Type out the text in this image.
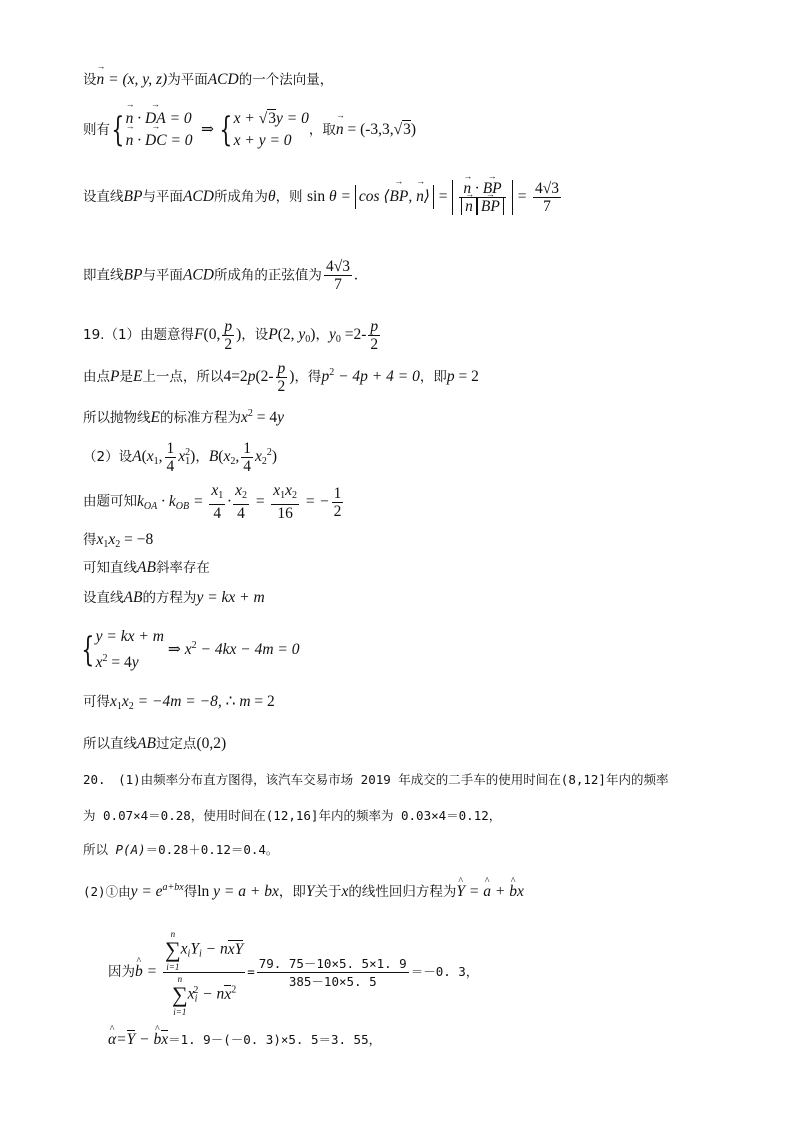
设→ n = (x, y, z)为平面ACD的一个法向量，
则有{ → n · → DA = 0
→ n · → DC = 0
⇒ { x + √3y = 0
x + y = 0
，取→ n = (-3,3,√3)
设直线BP与平面ACD所成角为θ，则 sin θ = cos ⟨→ BP, → n⟩ = → n · → BP
→ n → BP = $\frac{4√3}{7}$
即直线BP与平面ACD所成角的正弦值为 $\frac{4√3}{7}$ .
19.（1）由题意得F(0, $\frac{p}{2}$ )，设P(2, $y_0$)，$y_0 =2- \frac{p}{2}$
由点P是E上一点，所以$4=2p(2- \frac{p}{2}$ )，得$p^2 - 4p + 4 = 0$，即p = 2
所以抛物线E的标准方程为$x^2 = 4y$
（2）设$A(x_1$, $\frac{1}{4} x_1^2$)，$B(x_2$, $\frac{1}{4} x_2^2$)
由题可知kOA · kOB = $\frac{x_1}{4} \cdot \frac{x_2}{4} = \frac{x_1x_2}{16}$ = − $\frac{1}{2}$
得$x_1x_2 = -8$
可知直线AB斜率存在
设直线AB的方程为y = kx + m
{ y = kx + m
$x^2 = 4y$
⇒ $x^2 - 4kx - 4m = 0$
可得$x_1x_2 = -4m = -8$, ∴ m = 2
所以直线AB过定点(0,2)
20.　(1)由频率分布直方图得，该汽车交易市场 2019 年成交的二手车的使用时间在(8,12]年内的频率
为 0.07×4＝0.28，使用时间在(12,16]年内的频率为 0.03×4＝0.12，
所以 P(A)＝0.28＋0.12＝0.4。
(2)①由$y = e^{a+bx}$得ln y = a + bx，即Y关于x的线性回归方程为^ Y = ^ a + ^ bx
因为^ b =
n
∑
i=1xiYi − nxY
n
∑
$i=1xi^2 - nx^2$
= $\frac{79. 75-10\times 5. 5\times 1. 9}{385-10\times 5. 5} =-0$. 3，
^ α=Y − ^ bx＝1. 9－(－0. 3)×5. 5＝3. 55，
